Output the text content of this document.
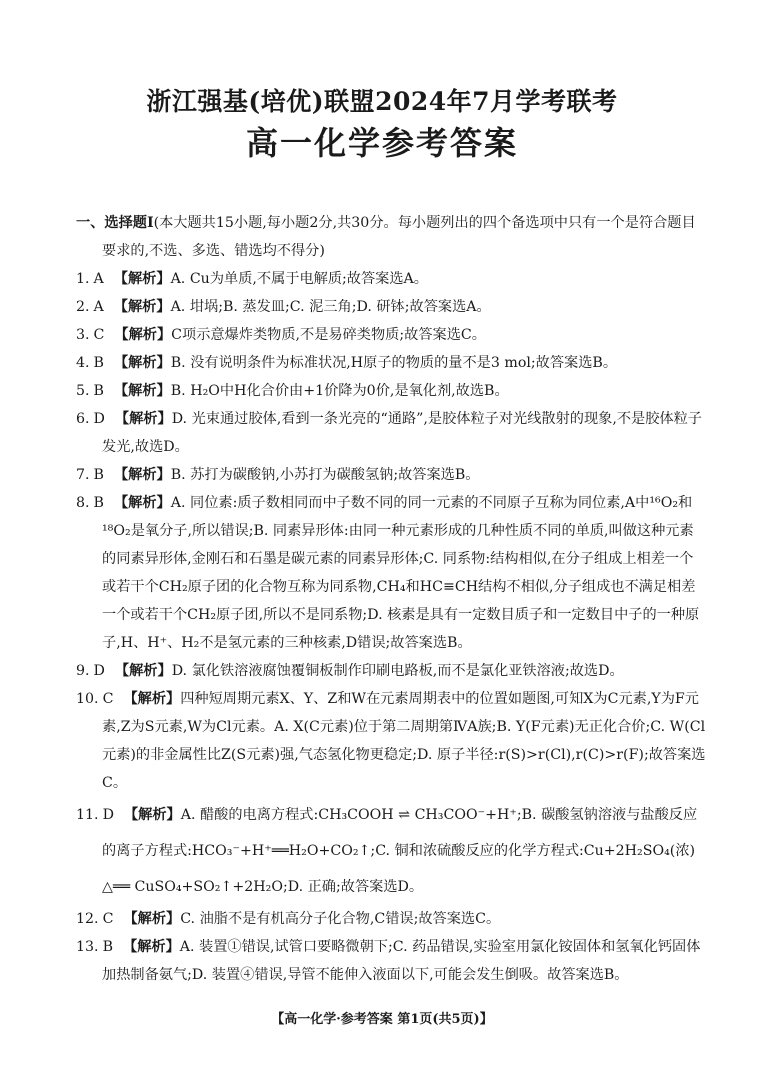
浙江强基(培优)联盟2024年7月学考联考
高一化学参考答案
一、选择题Ⅰ(本大题共15小题,每小题2分,共30分。每小题列出的四个备选项中只有一个是符合题目要求的,不选、多选、错选均不得分)
1. A 【解析】A. Cu为单质,不属于电解质;故答案选A。
2. A 【解析】A. 坩埚;B. 蒸发皿;C. 泥三角;D. 研钵;故答案选A。
3. C 【解析】C项示意爆炸类物质,不是易碎类物质;故答案选C。
4. B 【解析】B. 没有说明条件为标准状况,H原子的物质的量不是3 mol;故答案选B。
5. B 【解析】B. H₂O中H化合价由+1价降为0价,是氧化剂,故选B。
6. D 【解析】D. 光束通过胶体,看到一条光亮的“通路”,是胶体粒子对光线散射的现象,不是胶体粒子发光,故选D。
7. B 【解析】B. 苏打为碳酸钠,小苏打为碳酸氢钠;故答案选B。
8. B 【解析】A. 同位素:质子数相同而中子数不同的同一元素的不同原子互称为同位素,A中¹⁶O₂和¹⁸O₂是氧分子,所以错误;B. 同素异形体:由同一种元素形成的几种性质不同的单质,叫做这种元素的同素异形体,金刚石和石墨是碳元素的同素异形体;C. 同系物:结构相似,在分子组成上相差一个或若干个CH₂原子团的化合物互称为同系物,CH₄和HC≡CH结构不相似,分子组成也不满足相差一个或若干个CH₂原子团,所以不是同系物;D. 核素是具有一定数目质子和一定数目中子的一种原子,H、H⁺、H₂不是氢元素的三种核素,D错误;故答案选B。
9. D 【解析】D. 氯化铁溶液腐蚀覆铜板制作印刷电路板,而不是氯化亚铁溶液;故选D。
10. C 【解析】四种短周期元素X、Y、Z和W在元素周期表中的位置如题图,可知X为C元素,Y为F元素,Z为S元素,W为Cl元素。A. X(C元素)位于第二周期第ⅣA族;B. Y(F元素)无正化合价;C. W(Cl元素)的非金属性比Z(S元素)强,气态氢化物更稳定;D. 原子半径:r(S)>r(Cl),r(C)>r(F);故答案选C。
11. D 【解析】A. 醋酸的电离方程式:CH₃COOH ⇌ CH₃COO⁻+H⁺;B. 碳酸氢钠溶液与盐酸反应的离子方程式:HCO₃⁻+H⁺══H₂O+CO₂↑;C. 铜和浓硫酸反应的化学方程式:Cu+2H₂SO₄(浓) △══ CuSO₄+SO₂↑+2H₂O;D. 正确;故答案选D。
12. C 【解析】C. 油脂不是有机高分子化合物,C错误;故答案选C。
13. B 【解析】A. 装置①错误,试管口要略微朝下;C. 药品错误,实验室用氯化铵固体和氢氧化钙固体加热制备氨气;D. 装置④错误,导管不能伸入液面以下,可能会发生倒吸。故答案选B。
【高一化学·参考答案 第1页(共5页)】
